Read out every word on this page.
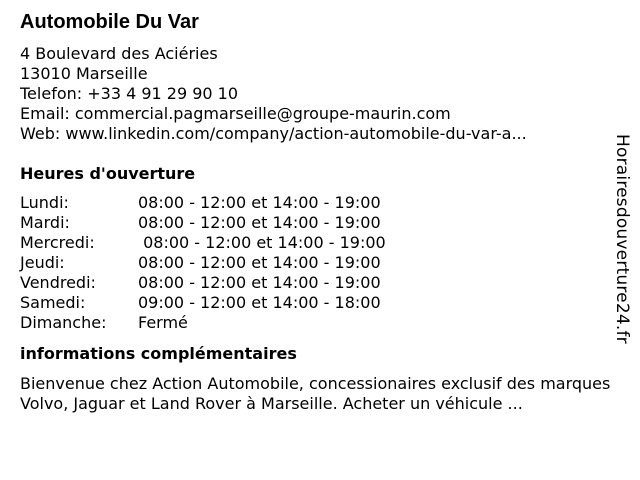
Automobile Du Var
4 Boulevard des Aciéries
13010 Marseille
Telefon: +33 4 91 29 90 10
Email: commercial.pagmarseille@groupe-maurin.com
Web: www.linkedin.com/company/action-automobile-du-var-a...
Heures d'ouverture
Lundi:	08:00 - 12:00 et 14:00 - 19:00
Mardi:	08:00 - 12:00 et 14:00 - 19:00
Mercredi:	08:00 - 12:00 et 14:00 - 19:00
Jeudi:	08:00 - 12:00 et 14:00 - 19:00
Vendredi:	08:00 - 12:00 et 14:00 - 19:00
Samedi:	09:00 - 12:00 et 14:00 - 18:00
Dimanche:	Fermé
informations complémentaires
Bienvenue chez Action Automobile, concessionaires exclusif des marques Volvo, Jaguar et Land Rover à Marseille. Acheter un véhicule ...
Horairesdouverture24.fr
